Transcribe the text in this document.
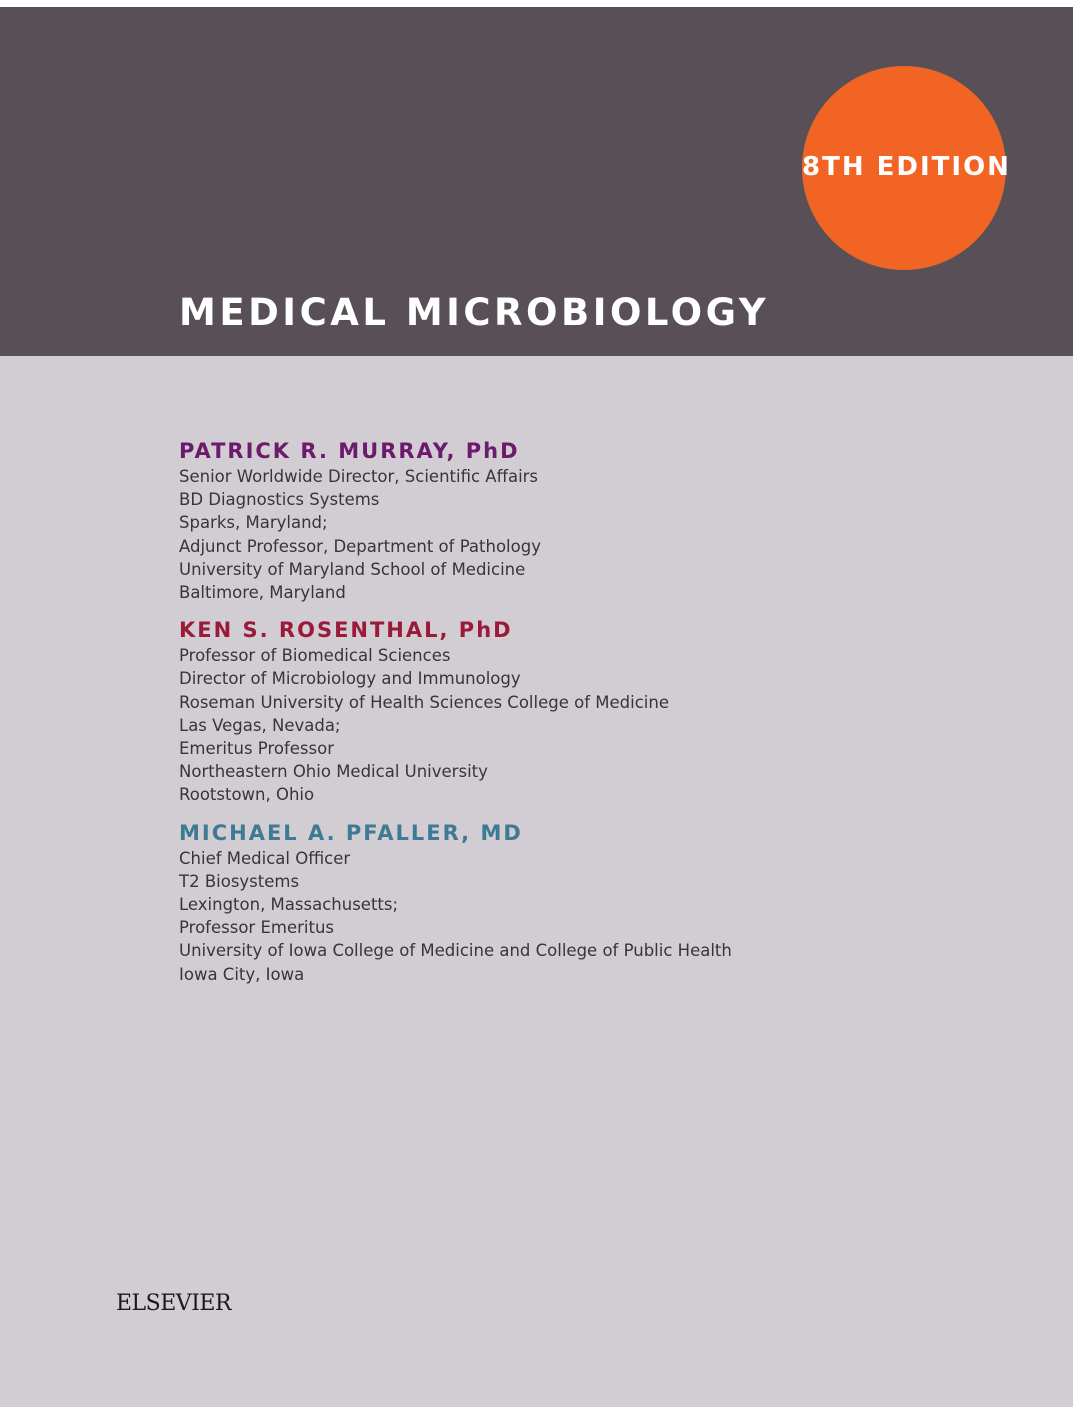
8TH EDITION
MEDICAL MICROBIOLOGY
PATRICK R. MURRAY, PhD
Senior Worldwide Director, Scientific Affairs
BD Diagnostics Systems
Sparks, Maryland;
Adjunct Professor, Department of Pathology
University of Maryland School of Medicine
Baltimore, Maryland
KEN S. ROSENTHAL, PhD
Professor of Biomedical Sciences
Director of Microbiology and Immunology
Roseman University of Health Sciences College of Medicine
Las Vegas, Nevada;
Emeritus Professor
Northeastern Ohio Medical University
Rootstown, Ohio
MICHAEL A. PFALLER, MD
Chief Medical Officer
T2 Biosystems
Lexington, Massachusetts;
Professor Emeritus
University of Iowa College of Medicine and College of Public Health
Iowa City, Iowa
ELSEVIER
